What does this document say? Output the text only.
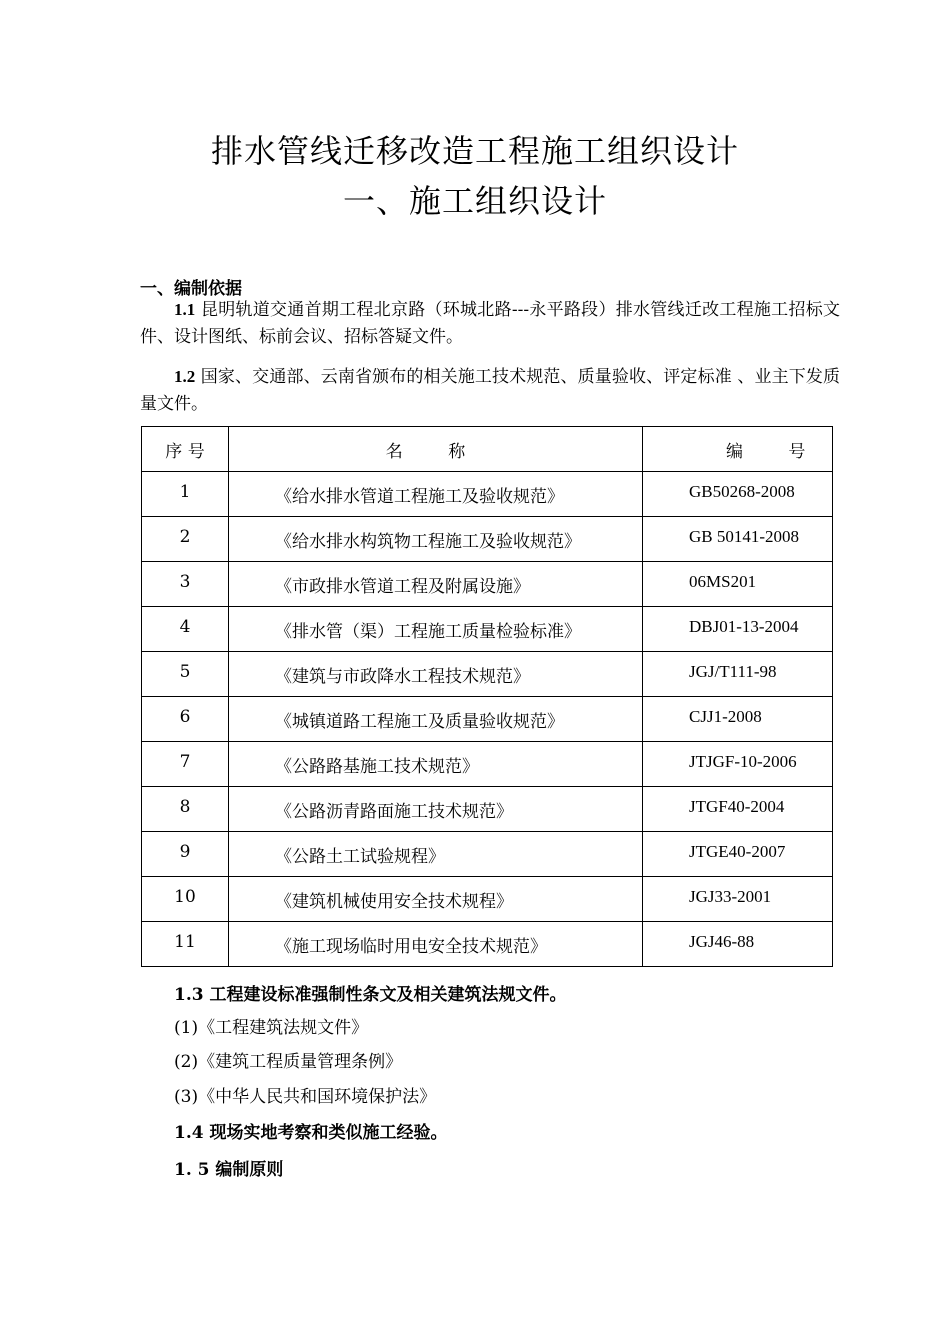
排水管线迁移改造工程施工组织设计
一、施工组织设计
一、编制依据
1.1 昆明轨道交通首期工程北京路（环城北路---永平路段）排水管线迁改工程施工招标文件、设计图纸、标前会议、招标答疑文件。
1.2 国家、交通部、云南省颁布的相关施工技术规范、质量验收、评定标准 、业主下发质量文件。
序 号	名 称	编 号
1	《给水排水管道工程施工及验收规范》	GB50268-2008
2	《给水排水构筑物工程施工及验收规范》	GB 50141-2008
3	《市政排水管道工程及附属设施》	06MS201
4	《排水管（渠）工程施工质量检验标准》	DBJ01-13-2004
5	《建筑与市政降水工程技术规范》	JGJ/T111-98
6	《城镇道路工程施工及质量验收规范》	CJJ1-2008
7	《公路路基施工技术规范》	JTJGF-10-2006
8	《公路沥青路面施工技术规范》	JTGF40-2004
9	《公路土工试验规程》	JTGE40-2007
10	《建筑机械使用安全技术规程》	JGJ33-2001
11	《施工现场临时用电安全技术规范》	JGJ46-88
1.3 工程建设标准强制性条文及相关建筑法规文件。
(1)《工程建筑法规文件》
(2)《建筑工程质量管理条例》
(3)《中华人民共和国环境保护法》
1.4 现场实地考察和类似施工经验。
1. 5 编制原则
